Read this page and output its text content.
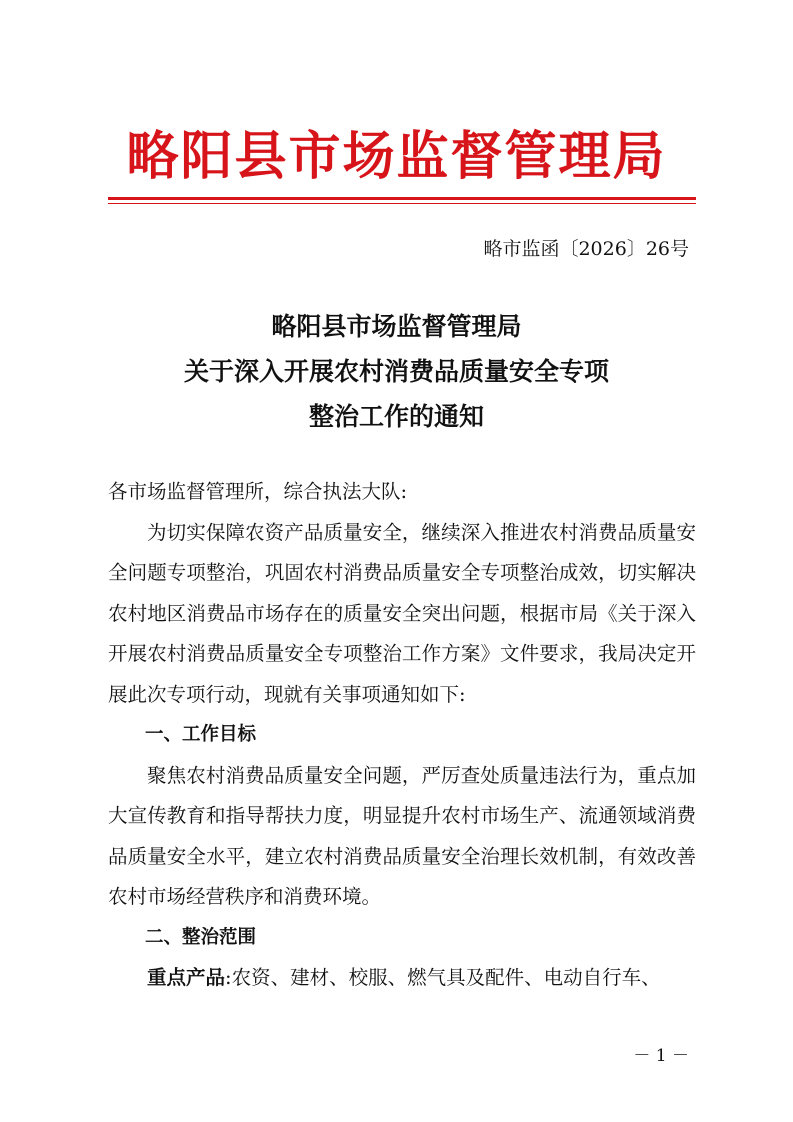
略阳县市场监督管理局
略市监函〔2026〕26号
略阳县市场监督管理局
关于深入开展农村消费品质量安全专项
整治工作的通知

各市场监督管理所，综合执法大队:

为切实保障农资产品质量安全，继续深入推进农村消费品质量安全问题专项整治，巩固农村消费品质量安全专项整治成效，切实解决农村地区消费品市场存在的质量安全突出问题，根据市局《关于深入开展农村消费品质量安全专项整治工作方案》文件要求，我局决定开展此次专项行动，现就有关事项通知如下:

一、工作目标

聚焦农村消费品质量安全问题，严厉查处质量违法行为，重点加大宣传教育和指导帮扶力度，明显提升农村市场生产、流通领域消费品质量安全水平，建立农村消费品质量安全治理长效机制，有效改善农村市场经营秩序和消费环境。

二、整治范围

重点产品:农资、建材、校服、燃气具及配件、电动自行车、

－ 1 －
